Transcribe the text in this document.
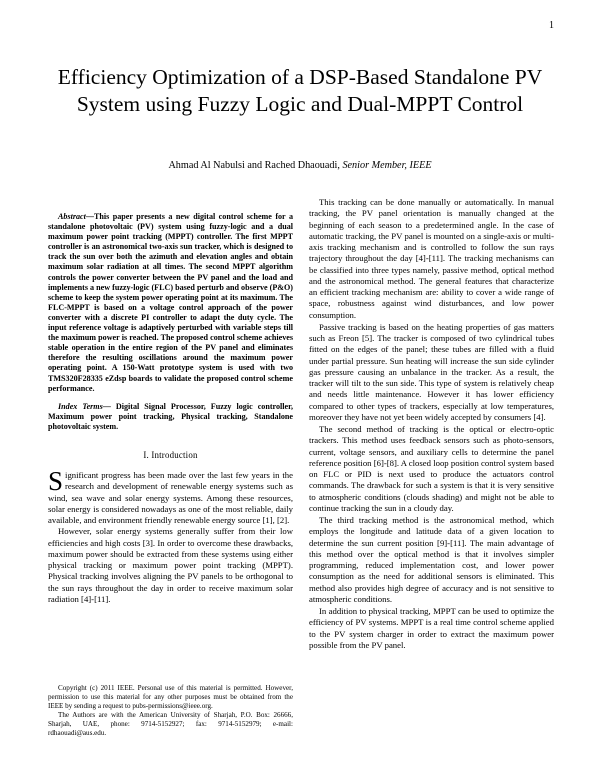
1
Efficiency Optimization of a DSP-Based Standalone PV System using Fuzzy Logic and Dual-MPPT Control
Ahmad Al Nabulsi and Rached Dhaouadi, Senior Member, IEEE

Abstract—This paper presents a new digital control scheme for a standalone photovoltaic (PV) system using fuzzy-logic and a dual maximum power point tracking (MPPT) controller. The first MPPT controller is an astronomical two-axis sun tracker, which is designed to track the sun over both the azimuth and elevation angles and obtain maximum solar radiation at all times. The second MPPT algorithm controls the power converter between the PV panel and the load and implements a new fuzzy-logic (FLC) based perturb and observe (P&O) scheme to keep the system power operating point at its maximum. The FLC-MPPT is based on a voltage control approach of the power converter with a discrete PI controller to adapt the duty cycle. The input reference voltage is adaptively perturbed with variable steps till the maximum power is reached. The proposed control scheme achieves stable operation in the entire region of the PV panel and eliminates therefore the resulting oscillations around the maximum power operating point. A 150-Watt prototype system is used with two TMS320F28335 eZdsp boards to validate the proposed control scheme performance.

Index Terms— Digital Signal Processor, Fuzzy logic controller, Maximum power point tracking, Physical tracking, Standalone photovoltaic system.

I. Introduction

Significant progress has been made over the last few years in the research and development of renewable energy systems such as wind, sea wave and solar energy systems. Among these resources, solar energy is considered nowadays as one of the most reliable, daily available, and environment friendly renewable energy source [1], [2].

However, solar energy systems generally suffer from their low efficiencies and high costs [3]. In order to overcome these drawbacks, maximum power should be extracted from these systems using either physical tracking or maximum power point tracking (MPPT). Physical tracking involves aligning the PV panels to be orthogonal to the sun rays throughout the day in order to receive maximum solar radiation [4]-[11].

Copyright (c) 2011 IEEE. Personal use of this material is permitted. However, permission to use this material for any other purposes must be obtained from the IEEE by sending a request to pubs-permissions@ieee.org.

The Authors are with the American University of Sharjah, P.O. Box: 26666, Sharjah, UAE, phone: 9714-5152927; fax: 9714-5152979; e-mail: rdhaouadi@aus.edu.

This tracking can be done manually or automatically. In manual tracking, the PV panel orientation is manually changed at the beginning of each season to a predetermined angle. In the case of automatic tracking, the PV panel is mounted on a single-axis or multi-axis tracking mechanism and is controlled to follow the sun rays trajectory throughout the day [4]-[11]. The tracking mechanisms can be classified into three types namely, passive method, optical method and the astronomical method. The general features that characterize an efficient tracking mechanism are: ability to cover a wide range of space, robustness against wind disturbances, and low power consumption.

Passive tracking is based on the heating properties of gas matters such as Freon [5]. The tracker is composed of two cylindrical tubes fitted on the edges of the panel; these tubes are filled with a fluid under partial pressure. Sun heating will increase the sun side cylinder gas pressure causing an unbalance in the tracker. As a result, the tracker will tilt to the sun side. This type of system is relatively cheap and needs little maintenance. However it has lower efficiency compared to other types of trackers, especially at low temperatures, moreover they have not yet been widely accepted by consumers [4].

The second method of tracking is the optical or electro-optic trackers. This method uses feedback sensors such as photo-sensors, current, voltage sensors, and auxiliary cells to determine the panel reference position [6]-[8]. A closed loop position control system based on FLC or PID is next used to produce the actuators control commands. The drawback for such a system is that it is very sensitive to atmospheric conditions (clouds shading) and might not be able to continue tracking the sun in a cloudy day.

The third tracking method is the astronomical method, which employs the longitude and latitude data of a given location to determine the sun current position [9]-[11]. The main advantage of this method over the optical method is that it involves simpler programming, reduced implementation cost, and lower power consumption as the need for additional sensors is eliminated. This method also provides high degree of accuracy and is not sensitive to atmospheric conditions.

In addition to physical tracking, MPPT can be used to optimize the efficiency of PV systems. MPPT is a real time control scheme applied to the PV system charger in order to extract the maximum power possible from the PV panel.
